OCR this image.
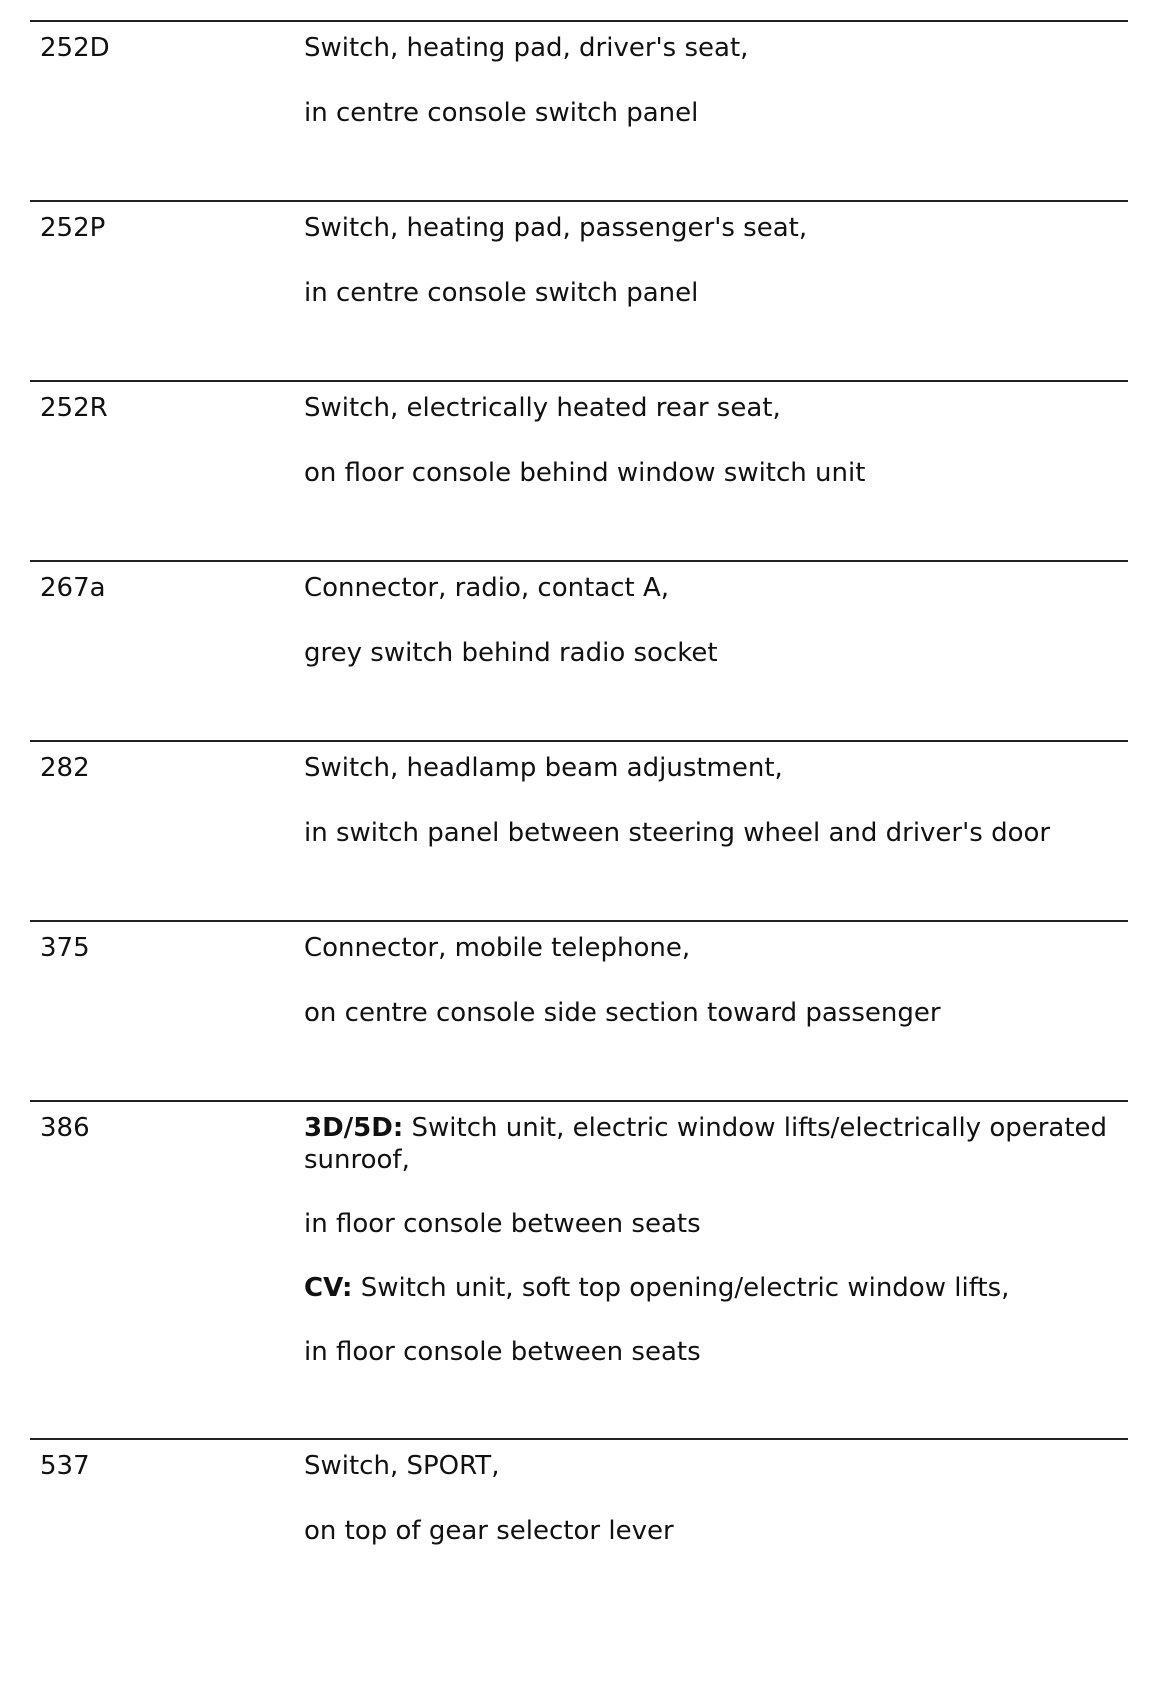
252D	Switch, heating pad, driver's seat,
in centre console switch panel
252P	Switch, heating pad, passenger's seat,
in centre console switch panel
252R	Switch, electrically heated rear seat,
on floor console behind window switch unit
267a	Connector, radio, contact A,
grey switch behind radio socket
282	Switch, headlamp beam adjustment,
in switch panel between steering wheel and driver's door
375	Connector, mobile telephone,
on centre console side section toward passenger
386	3D/5D: Switch unit, electric window lifts/electrically operated sunroof,
in floor console between seats
CV: Switch unit, soft top opening/electric window lifts,
in floor console between seats
537	Switch, SPORT,
on top of gear selector lever
